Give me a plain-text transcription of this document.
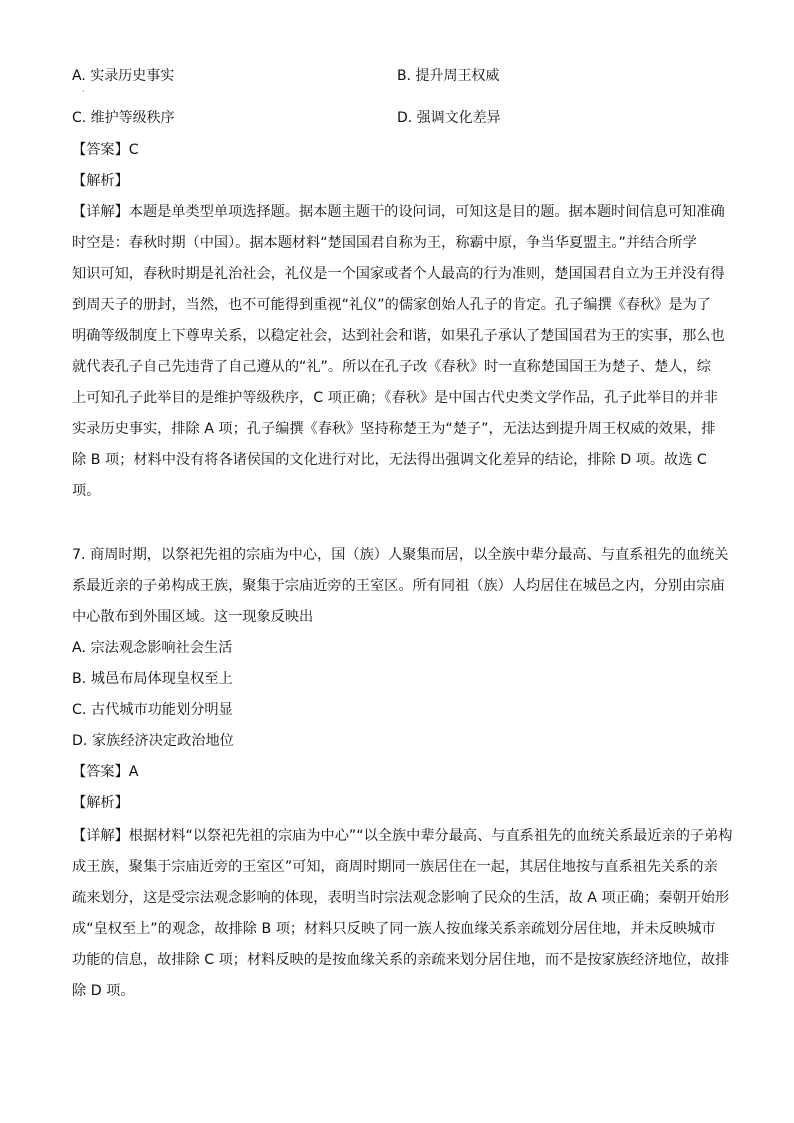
A. 实录历史事实	B. 提升周王权威
·
C. 维护等级秩序	D. 强调文化差异
【答案】C
【解析】
【详解】本题是单类型单项选择题。据本题主题干的设问词，可知这是目的题。据本题时间信息可知准确
时空是：春秋时期（中国）。据本题材料“楚国国君自称为王，称霸中原，争当华夏盟主。”并结合所学
知识可知，春秋时期是礼治社会，礼仪是一个国家或者个人最高的行为准则，楚国国君自立为王并没有得
到周天子的册封，当然，也不可能得到重视“礼仪”的儒家创始人孔子的肯定。孔子编撰《春秋》是为了
明确等级制度上下尊卑关系，以稳定社会，达到社会和谐，如果孔子承认了楚国国君为王的实事，那么也
就代表孔子自己先违背了自己遵从的“礼”。所以在孔子改《春秋》时一直称楚国国王为楚子、楚人，综
上可知孔子此举目的是维护等级秩序，C 项正确；《春秋》是中国古代史类文学作品，孔子此举目的并非
实录历史事实，排除 A 项；孔子编撰《春秋》坚持称楚王为“楚子”，无法达到提升周王权威的效果，排
除 B 项；材料中没有将各诸侯国的文化进行对比，无法得出强调文化差异的结论，排除 D 项。故选 C
项。
7. 商周时期，以祭祀先祖的宗庙为中心，国（族）人聚集而居，以全族中辈分最高、与直系祖先的血统关
系最近亲的子弟构成王族，聚集于宗庙近旁的王室区。所有同祖（族）人均居住在城邑之内，分别由宗庙
中心散布到外围区域。这一现象反映出
A. 宗法观念影响社会生活
B. 城邑布局体现皇权至上
C. 古代城市功能划分明显
D. 家族经济决定政治地位
【答案】A
【解析】
【详解】根据材料“以祭祀先祖的宗庙为中心”“以全族中辈分最高、与直系祖先的血统关系最近亲的子弟构
成王族，聚集于宗庙近旁的王室区”可知，商周时期同一族居住在一起，其居住地按与直系祖先关系的亲
疏来划分，这是受宗法观念影响的体现，表明当时宗法观念影响了民众的生活，故 A 项正确；秦朝开始形
成“皇权至上”的观念，故排除 B 项；材料只反映了同一族人按血缘关系亲疏划分居住地，并未反映城市
功能的信息，故排除 C 项；材料反映的是按血缘关系的亲疏来划分居住地，而不是按家族经济地位，故排
除 D 项。
